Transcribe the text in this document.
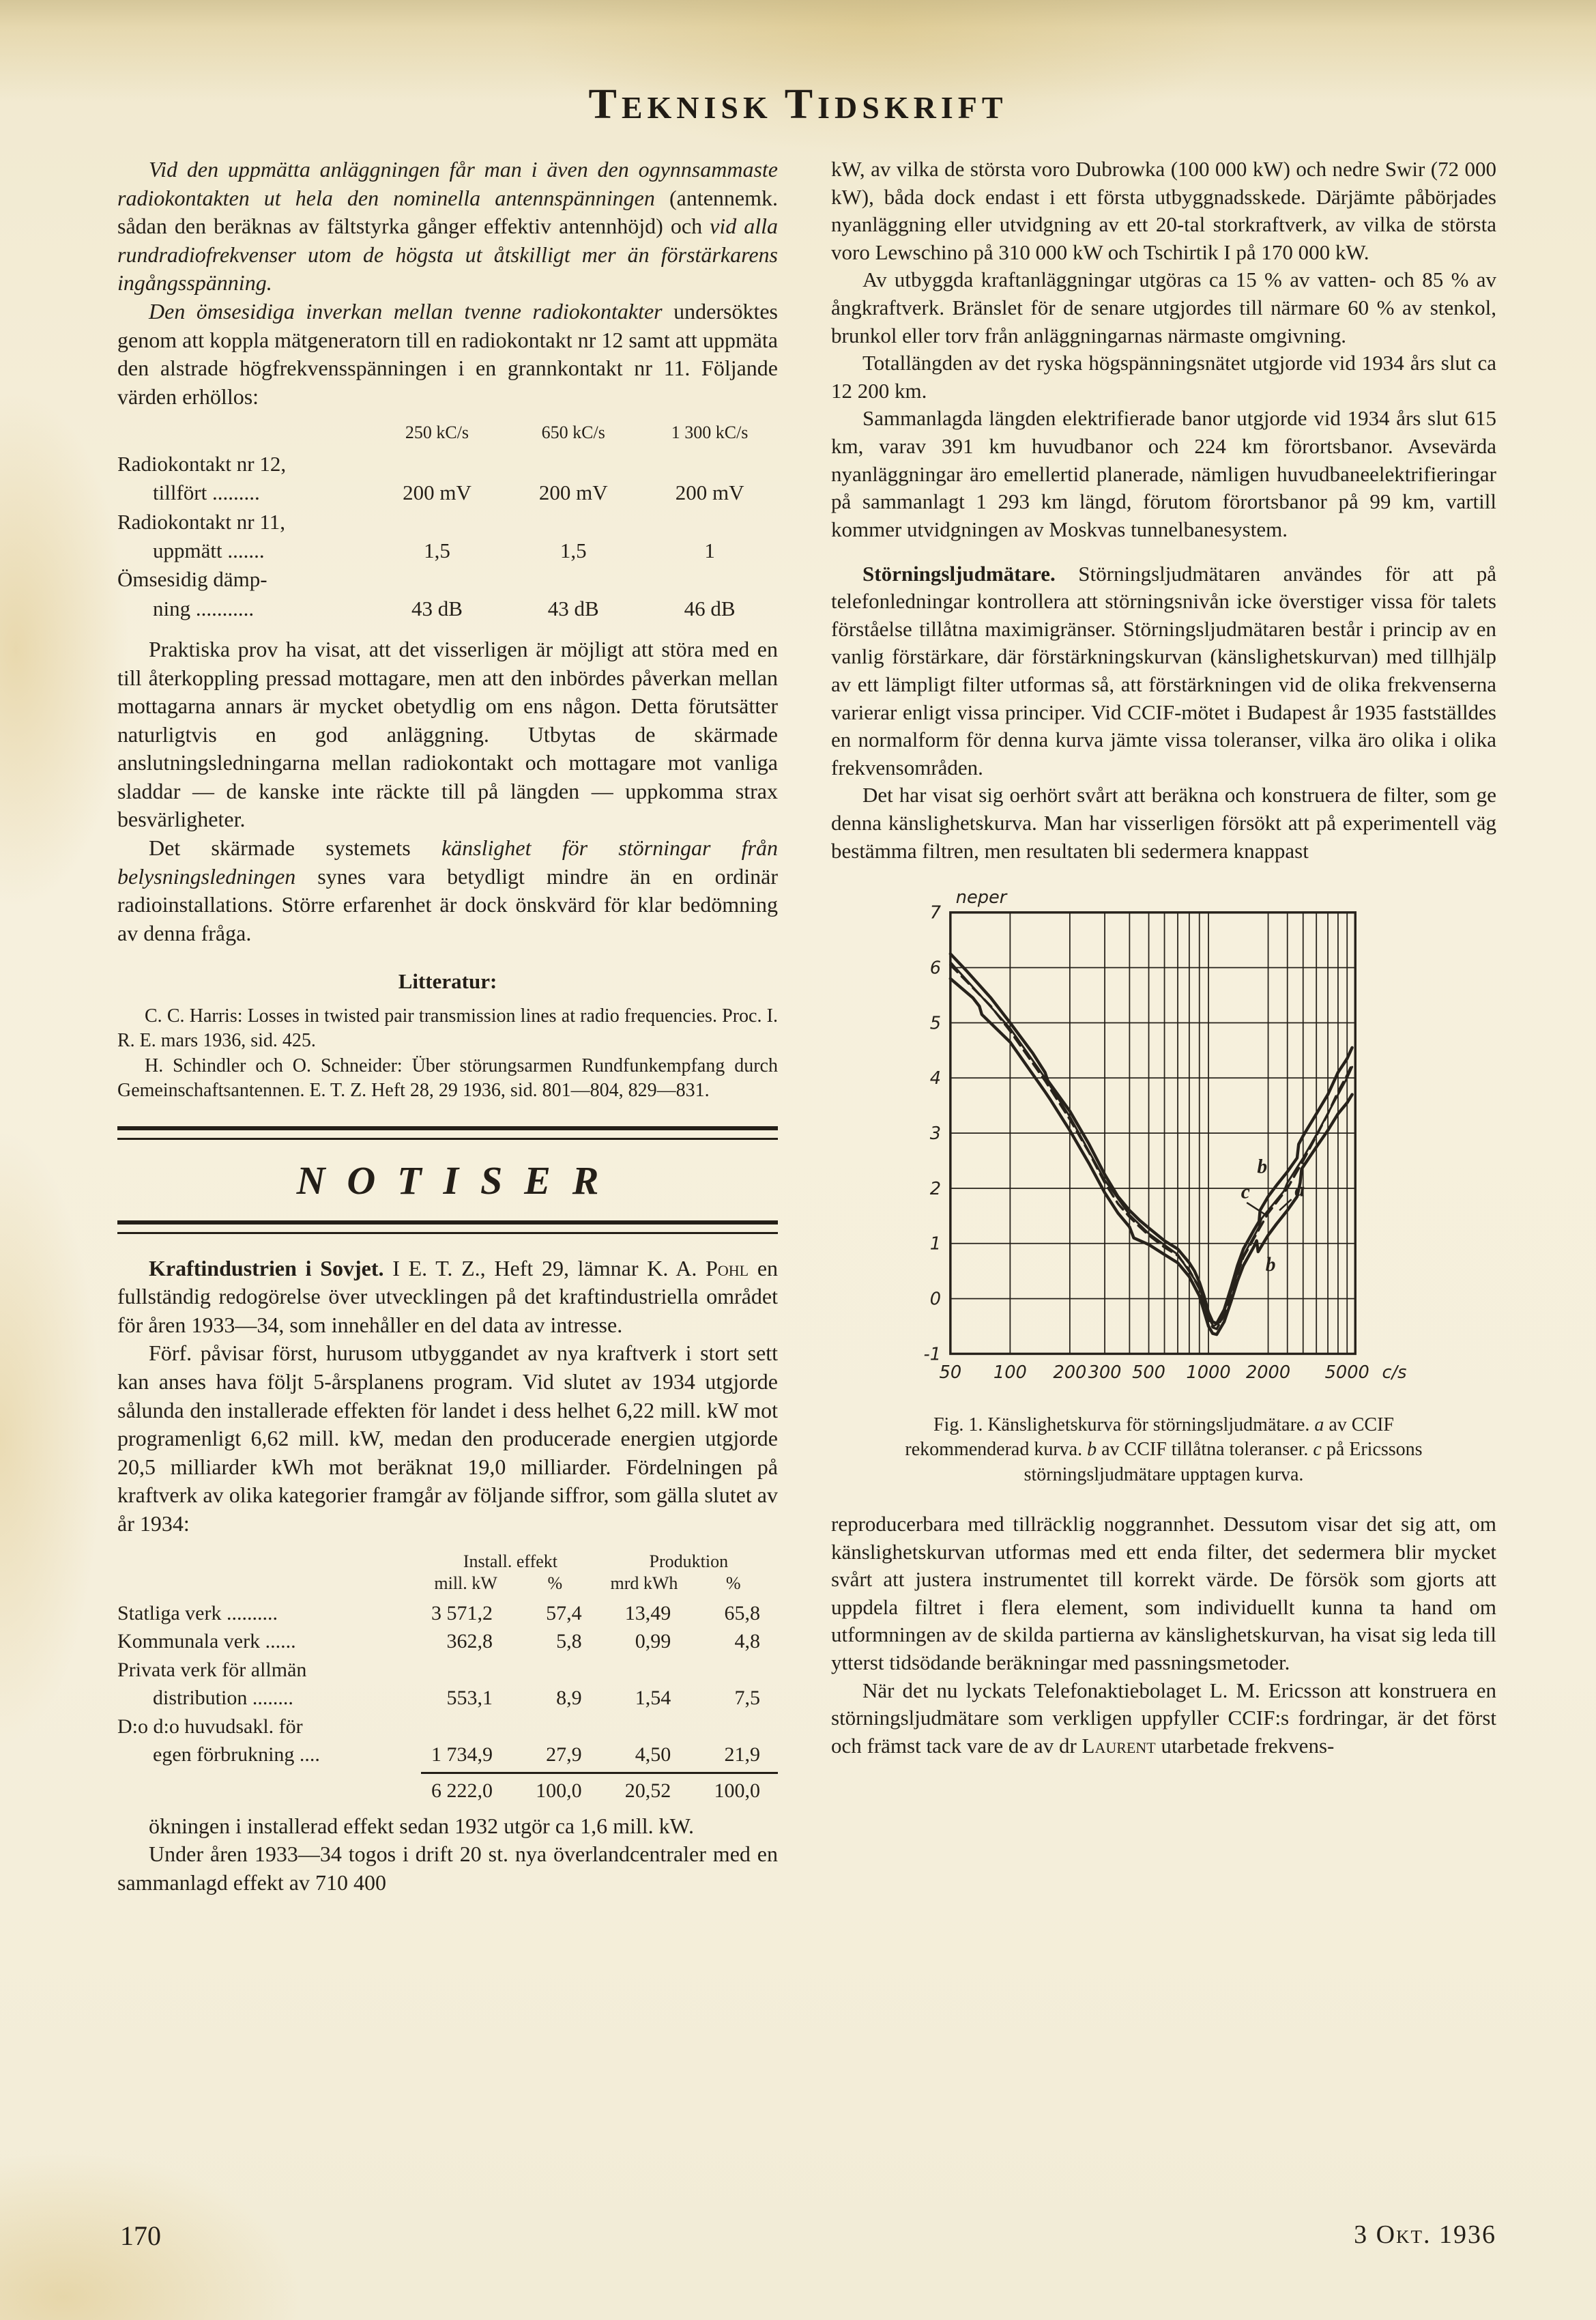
TEKNISK TIDSKRIFT

Vid den uppmätta anläggningen får man i även den ogynnsammaste radiokontakten ut hela den nominella antennspänningen (antennemk. sådan den beräknas av fältstyrka gånger effektiv antennhöjd) och vid alla rundradiofrekvenser utom de högsta ut åtskilligt mer än förstärkarens ingångsspänning.

Den ömsesidiga inverkan mellan tvenne radiokontakter undersöktes genom att koppla mätgeneratorn till en radiokontakt nr 12 samt att uppmäta den alstrade högfrekvensspänningen i en grannkontakt nr 11. Följande värden erhöllos:

	250 kC/s	650 kC/s	1 300 kC/s
Radiokontakt nr 12,			
tillfört .........	200 mV	200 mV	200 mV
Radiokontakt nr 11,			
uppmätt .......	1,5	1,5	1
Ömsesidig dämp-			
ning ...........	43 dB	43 dB	46 dB

Praktiska prov ha visat, att det visserligen är möjligt att störa med en till återkoppling pressad mottagare, men att den inbördes påverkan mellan mottagarna annars är mycket obetydlig om ens någon. Detta förutsätter naturligtvis en god anläggning. Utbytas de skärmade anslutningsledningarna mellan radiokontakt och mottagare mot vanliga sladdar — de kanske inte räckte till på längden — uppkomma strax besvärligheter.

Det skärmade systemets känslighet för störningar från belysningsledningen synes vara betydligt mindre än en ordinär radioinstallations. Större erfarenhet är dock önskvärd för klar bedömning av denna fråga.

Litteratur:

C. C. Harris: Losses in twisted pair transmission lines at radio frequencies. Proc. I. R. E. mars 1936, sid. 425.

H. Schindler och O. Schneider: Über störungsarmen Rundfunkempfang durch Gemeinschaftsantennen. E. T. Z. Heft 28, 29 1936, sid. 801—804, 829—831.

NOTISER

Kraftindustrien i Sovjet. I E. T. Z., Heft 29, lämnar K. A. Pohl en fullständig redogörelse över utvecklingen på det kraftindustriella området för åren 1933—34, som innehåller en del data av intresse.

Förf. påvisar först, hurusom utbyggandet av nya kraftverk i stort sett kan anses hava följt 5-årsplanens program. Vid slutet av 1934 utgjorde sålunda den installerade effekten för landet i dess helhet 6,22 mill. kW mot programenligt 6,62 mill. kW, medan den producerade energien utgjorde 20,5 milliarder kWh mot beräknat 19,0 milliarder. Fördelningen på kraftverk av olika kategorier framgår av följande siffror, som gälla slutet av år 1934:

	Install. effekt		Produktion	
	mill. kW	%	mrd kWh	%
Statliga verk ..........	3 571,2	57,4	13,49	65,8
Kommunala verk ......	362,8	5,8	0,99	4,8
Privata verk för allmän				
distribution ........	553,1	8,9	1,54	7,5
D:o d:o huvudsakl. för				
egen förbrukning ....	1 734,9	27,9	4,50	21,9

	6 222,0	100,0	20,52	100,0

ökningen i installerad effekt sedan 1932 utgör ca 1,6 mill. kW.

Under åren 1933—34 togos i drift 20 st. nya överlandcentraler med en sammanlagd effekt av 710 400

kW, av vilka de största voro Dubrowka (100 000 kW) och nedre Swir (72 000 kW), båda dock endast i ett första utbyggnadsskede. Därjämte påbörjades nyanläggning eller utvidgning av ett 20-tal storkraftverk, av vilka de största voro Lewschino på 310 000 kW och Tschirtik I på 170 000 kW.

Av utbyggda kraftanläggningar utgöras ca 15 % av vatten- och 85 % av ångkraftverk. Bränslet för de senare utgjordes till närmare 60 % av stenkol, brunkol eller torv från anläggningarnas närmaste omgivning.

Totallängden av det ryska högspänningsnätet utgjorde vid 1934 års slut ca 12 200 km.

Sammanlagda längden elektrifierade banor utgjorde vid 1934 års slut 615 km, varav 391 km huvudbanor och 224 km förortsbanor. Avsevärda nyanläggningar äro emellertid planerade, nämligen huvudbaneelektrifieringar på sammanlagt 1 293 km längd, förutom förortsbanor på 99 km, vartill kommer utvidgningen av Moskvas tunnelbanesystem.

Störningsljudmätare. Störningsljudmätaren användes för att på telefonledningar kontrollera att störningsnivån icke överstiger vissa för talets förståelse tillåtna maximigränser. Störningsljudmätaren består i princip av en vanlig förstärkare, där förstärkningskurvan (känslighetskurvan) med tillhjälp av ett lämpligt filter utformas så, att förstärkningen vid de olika frekvenserna varierar enligt vissa principer. Vid CCIF-mötet i Budapest år 1935 fastställdes en normalform för denna kurva jämte vissa toleranser, vilka äro olika i olika frekvensområden.

Det har visat sig oerhört svårt att beräkna och konstruera de filter, som ge denna känslighetskurva. Man har visserligen försökt att på experimentell väg bestämma filtren, men resultaten bli sedermera knappast

7
6
5
4
3
2
1
0
-1
50 100 200 300 500 1000 2000 5000 c/s
neper
b
c a
b
Fig. 1. Känslighetskurva för störningsljudmätare. a av CCIF rekommenderad kurva. b av CCIF tillåtna toleranser. c på Ericssons störningsljudmätare upptagen kurva.

reproducerbara med tillräcklig noggrannhet. Dessutom visar det sig att, om känslighetskurvan utformas med ett enda filter, det sedermera blir mycket svårt att justera instrumentet till korrekt värde. De försök som gjorts att uppdela filtret i flera element, som individuellt kunna ta hand om utformningen av de skilda partierna av känslighetskurvan, ha visat sig leda till ytterst tidsödande beräkningar med passningsmetoder.

När det nu lyckats Telefonaktiebolaget L. M. Ericsson att konstruera en störningsljudmätare som verkligen uppfyller CCIF:s fordringar, är det först och främst tack vare de av dr Laurent utarbetade frekvens-

170	3 Okt. 1936
